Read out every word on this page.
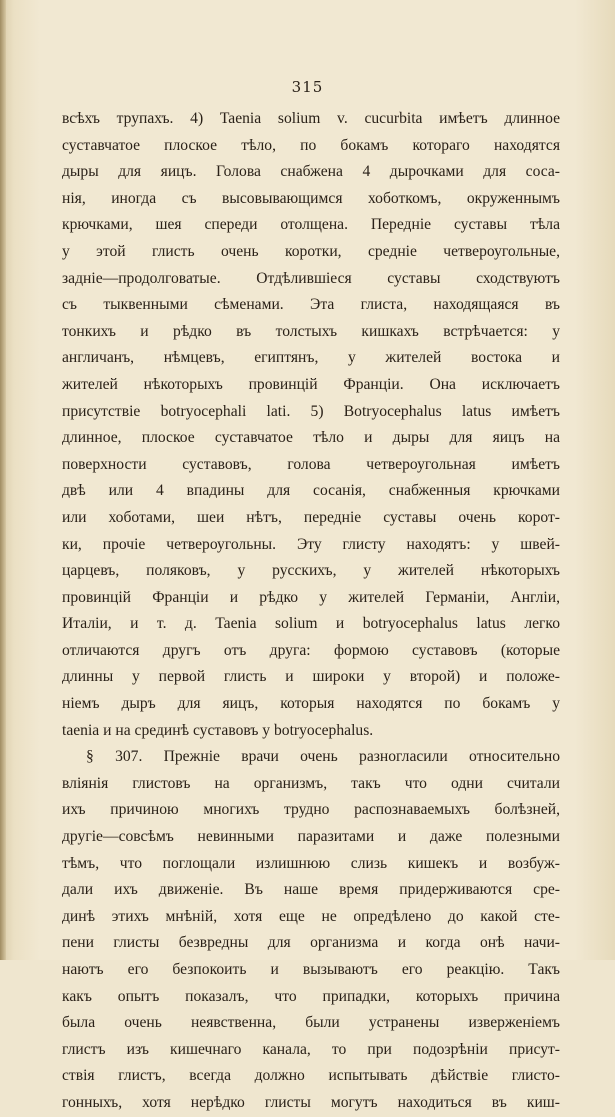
315
всѣхъ трупахъ. 4) Taenia solium v. cucurbita имѣетъ длинное
суставчатое плоское тѣло, по бокамъ котораго находятся
дыры для яицъ. Голова снабжена 4 дырочками для соса-
нія, иногда съ высовывающимся хоботкомъ, окруженнымъ
крючками, шея спереди отолщена. Передніе суставы тѣла
у этой глисть очень коротки, средніе четвероугольные,
задніе—продолговатые. Отдѣлившіеся суставы сходствуютъ
съ тыквенными сѣменами. Эта глиста, находящаяся въ
тонкихъ и рѣдко въ толстыхъ кишкахъ встрѣчается: у
англичанъ, нѣмцевъ, египтянъ, у жителей востока и
жителей нѣкоторыхъ провинцій Франціи. Она исключаетъ
присутствіе botryocephali lati. 5) Botryocephalus latus имѣетъ
длинное, плоское суставчатое тѣло и дыры для яицъ на
поверхности суставовъ, голова четвероугольная имѣетъ
двѣ или 4 впадины для сосанія, снабженныя крючками
или хоботами, шеи нѣтъ, передніе суставы очень корот-
ки, прочіе четвероугольны. Эту глисту находятъ: у швей-
царцевъ, поляковъ, у русскихъ, у жителей нѣкоторыхъ
провинцій Франціи и рѣдко у жителей Германіи, Англіи,
Италіи, и т. д. Taenia solium и botryocephalus latus легко
отличаются другъ отъ друга: формою суставовъ (которые
длинны у первой глисть и широки у второй) и положе-
ніемъ дыръ для яицъ, которыя находятся по бокамъ у
taenia и на срединѣ суставовъ у botryocephalus.
§ 307. Прежніе врачи очень разногласили относительно
вліянія глистовъ на организмъ, такъ что одни считали
ихъ причиною многихъ трудно распознаваемыхъ болѣзней,
другіе—совсѣмъ невинными паразитами и даже полезными
тѣмъ, что поглощали излишнюю слизь кишекъ и возбуж-
дали ихъ движеніе. Въ наше время придерживаются сре-
динѣ этихъ мнѣній, хотя еще не опредѣлено до какой сте-
пени глисты безвредны для организма и когда онѣ начи-
наютъ его безпокоить и вызываютъ его реакцію. Такъ
какъ опытъ показалъ, что припадки, которыхъ причина
была очень неявственна, были устранены изверженіемъ
глистъ изъ кишечнаго канала, то при подозрѣніи присут-
ствія глистъ, всегда должно испытывать дѣйствіе глисто-
гонныхъ, хотя нерѣдко глисты могутъ находиться въ киш-
